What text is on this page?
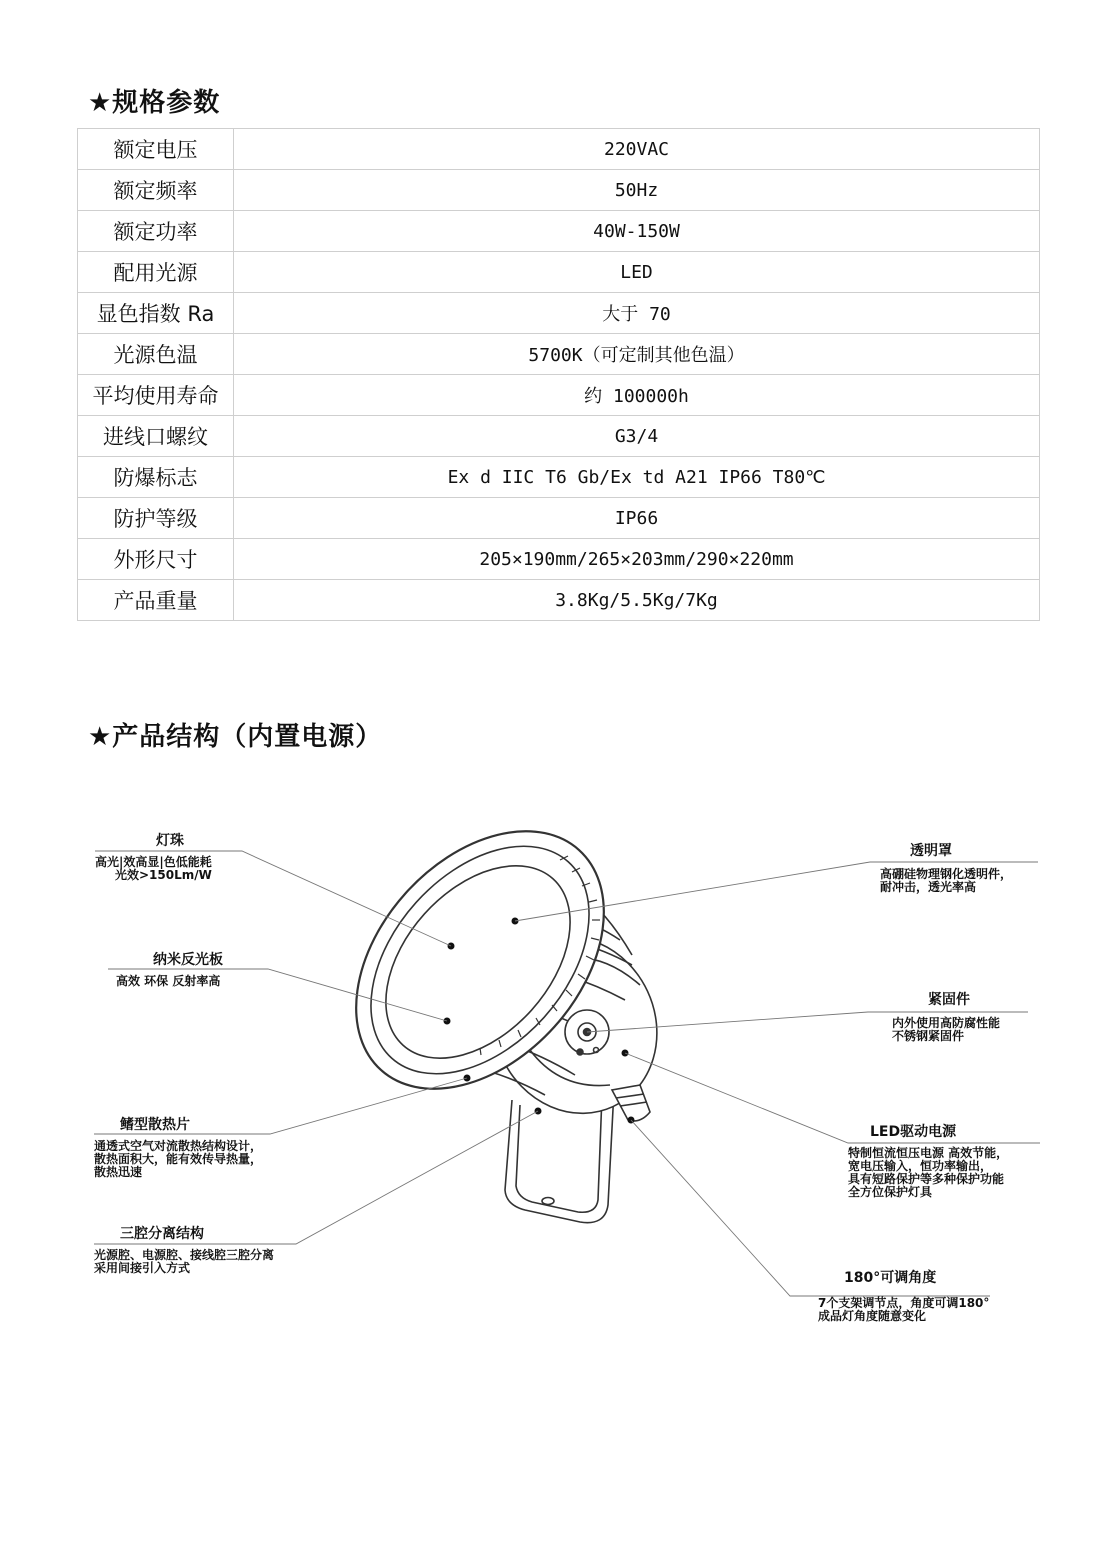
★规格参数
额定电压	220VAC
额定频率	50Hz
额定功率	40W-150W
配用光源	LED
显色指数 Ra	大于 70
光源色温	5700K（可定制其他色温）
平均使用寿命	约 100000h
进线口螺纹	G3/4
防爆标志	Ex d IIC T6 Gb/Ex td A21 IP66 T80℃
防护等级	IP66
外形尺寸	205×190mm/265×203mm/290×220mm
产品重量	3.8Kg/5.5Kg/7Kg
★产品结构（内置电源）
灯珠
高光|效高显|色低能耗
光效>150Lm/W
纳米反光板
高效 环保 反射率高
鳍型散热片
通透式空气对流散热结构设计，
散热面积大，能有效传导热量，
散热迅速
三腔分离结构
光源腔、电源腔、接线腔三腔分离
采用间接引入方式
透明罩
高硼硅物理钢化透明件，
耐冲击，透光率高
紧固件
内外使用高防腐性能
不锈钢紧固件
LED驱动电源
特制恒流恒压电源 高效节能，
宽电压输入，恒功率输出，
具有短路保护等多种保护功能
全方位保护灯具
180°可调角度
7个支架调节点，角度可调180°
成品灯角度随意变化
